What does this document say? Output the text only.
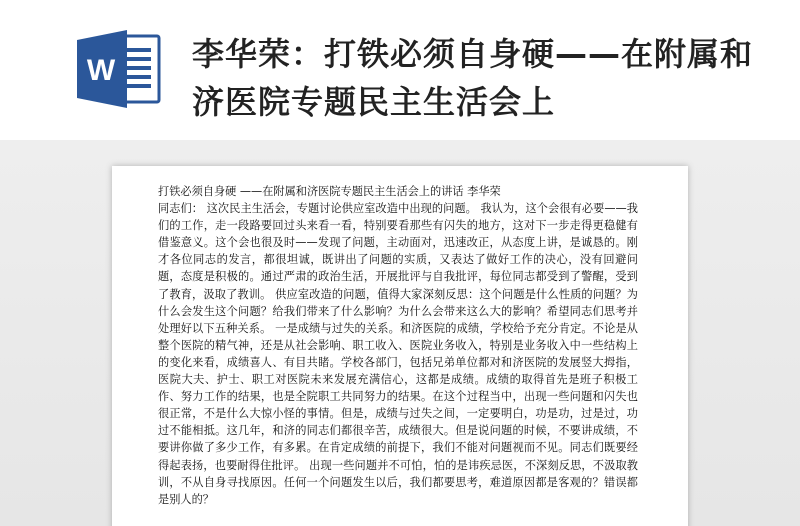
W 李华荣：打铁必须自身硬——在附属和济医院专题民主生活会上
打铁必须自身硬 ——在附属和济医院专题民主生活会上的讲话 李华荣
同志们： 这次民主生活会，专题讨论供应室改造中出现的问题。 我认为，这个会很有必要——我们的工作，走一段路要回过头来看一看，特别要看那些有闪失的地方，这对下一步走得更稳健有借鉴意义。这个会也很及时——发现了问题，主动面对，迅速改正，从态度上讲，是诚恳的。刚才各位同志的发言，都很坦诚，既讲出了问题的实质，又表达了做好工作的决心，没有回避问题，态度是积极的。通过严肃的政治生活，开展批评与自我批评，每位同志都受到了警醒，受到了教育，汲取了教训。 供应室改造的问题，值得大家深刻反思：这个问题是什么性质的问题？为什么会发生这个问题？给我们带来了什么影响？为什么会带来这么大的影响？希望同志们思考并处理好以下五种关系。 一是成绩与过失的关系。和济医院的成绩，学校给予充分肯定。不论是从整个医院的精气神，还是从社会影响、职工收入、医院业务收入，特别是业务收入中一些结构上的变化来看，成绩喜人、有目共睹。学校各部门，包括兄弟单位都对和济医院的发展竖大拇指，医院大夫、护士、职工对医院未来发展充满信心，这都是成绩。成绩的取得首先是班子积极工作、努力工作的结果，也是全院职工共同努力的结果。在这个过程当中，出现一些问题和闪失也很正常，不是什么大惊小怪的事情。但是，成绩与过失之间，一定要明白，功是功，过是过，功过不能相抵。这几年，和济的同志们都很辛苦，成绩很大。但是说问题的时候，不要讲成绩，不要讲你做了多少工作，有多累。在肯定成绩的前提下，我们不能对问题视而不见。同志们既要经得起表扬，也要耐得住批评。 出现一些问题并不可怕，怕的是讳疾忌医，不深刻反思，不汲取教训，不从自身寻找原因。任何一个问题发生以后，我们都要思考，难道原因都是客观的？错误都是别人的？
